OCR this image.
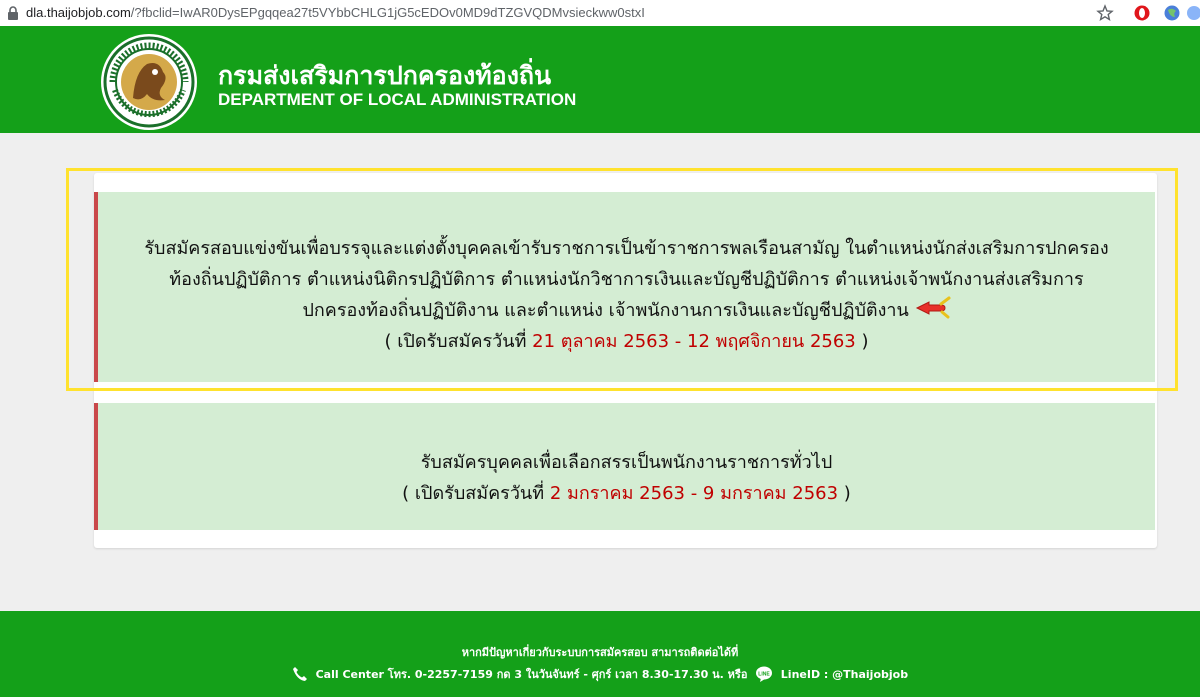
dla.thaijobjob.com/?fbclid=IwAR0DysEPgqqea27t5VYbbCHLG1jG5cEDOv0MD9dTZGVQDMvsieckww0stxI
กรมส่งเสริมการปกครองท้องถิ่น
DEPARTMENT OF LOCAL ADMINISTRATION
รับสมัครสอบแข่งขันเพื่อบรรจุและแต่งตั้งบุคคลเข้ารับราชการเป็นข้าราชการพลเรือนสามัญ ในตำแหน่งนักส่งเสริมการปกครอง
ท้องถิ่นปฏิบัติการ ตำแหน่งนิติกรปฏิบัติการ ตำแหน่งนักวิชาการเงินและบัญชีปฏิบัติการ ตำแหน่งเจ้าพนักงานส่งเสริมการ
ปกครองท้องถิ่นปฏิบัติงาน และตำแหน่ง เจ้าพนักงานการเงินและบัญชีปฏิบัติงาน
( เปิดรับสมัครวันที่ 21 ตุลาคม 2563 - 12 พฤศจิกายน 2563 )
รับสมัครบุคคลเพื่อเลือกสรรเป็นพนักงานราชการทั่วไป
( เปิดรับสมัครวันที่ 2 มกราคม 2563 - 9 มกราคม 2563 )
หากมีปัญหาเกี่ยวกับระบบการสมัครสอบ สามารถติดต่อได้ที่
Call Center โทร. 0-2257-7159 กด 3 ในวันจันทร์ - ศุกร์ เวลา 8.30-17.30 น. หรือ LINE LineID : @Thaijobjob
